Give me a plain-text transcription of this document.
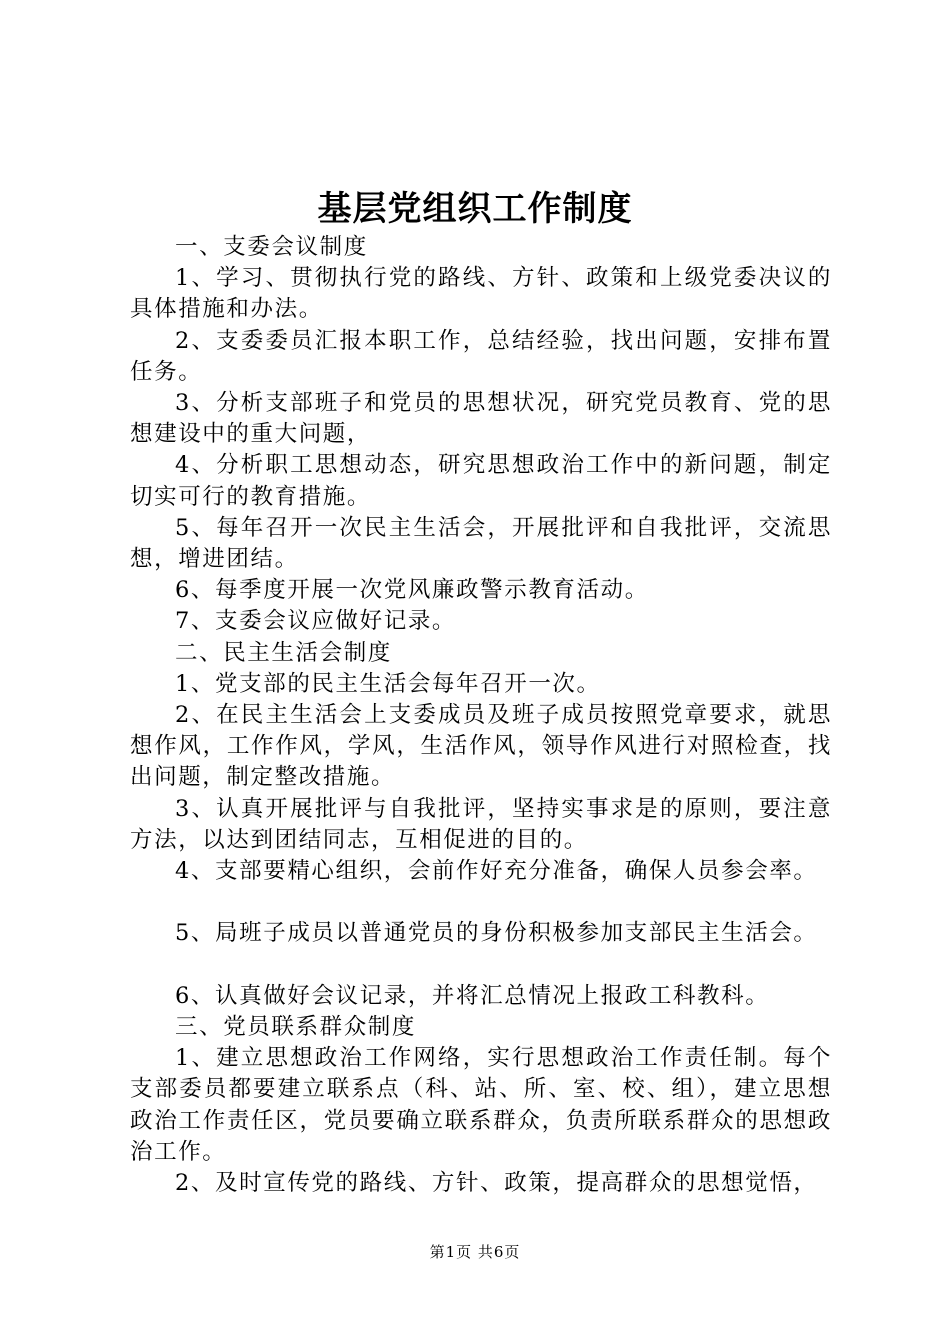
基层党组织工作制度

一、支委会议制度

1、学习、贯彻执行党的路线、方针、政策和上级党委决议的具体措施和办法。

2、支委委员汇报本职工作，总结经验，找出问题，安排布置任务。

3、分析支部班子和党员的思想状况，研究党员教育、党的思想建设中的重大问题，

4、分析职工思想动态，研究思想政治工作中的新问题，制定切实可行的教育措施。

5、每年召开一次民主生活会，开展批评和自我批评，交流思想，增进团结。

6、每季度开展一次党风廉政警示教育活动。

7、支委会议应做好记录。

二、民主生活会制度

1、党支部的民主生活会每年召开一次。

2、在民主生活会上支委成员及班子成员按照党章要求，就思想作风，工作作风，学风，生活作风，领导作风进行对照检查，找出问题，制定整改措施。

3、认真开展批评与自我批评，坚持实事求是的原则，要注意方法，以达到团结同志，互相促进的目的。

4、支部要精心组织，会前作好充分准备，确保人员参会率。

5、局班子成员以普通党员的身份积极参加支部民主生活会。

6、认真做好会议记录，并将汇总情况上报政工科教科。

三、党员联系群众制度

1、建立思想政治工作网络，实行思想政治工作责任制。每个支部委员都要建立联系点（科、站、所、室、校、组），建立思想政治工作责任区，党员要确立联系群众，负责所联系群众的思想政治工作。

2、及时宣传党的路线、方针、政策，提高群众的思想觉悟，

第1页 共6页
